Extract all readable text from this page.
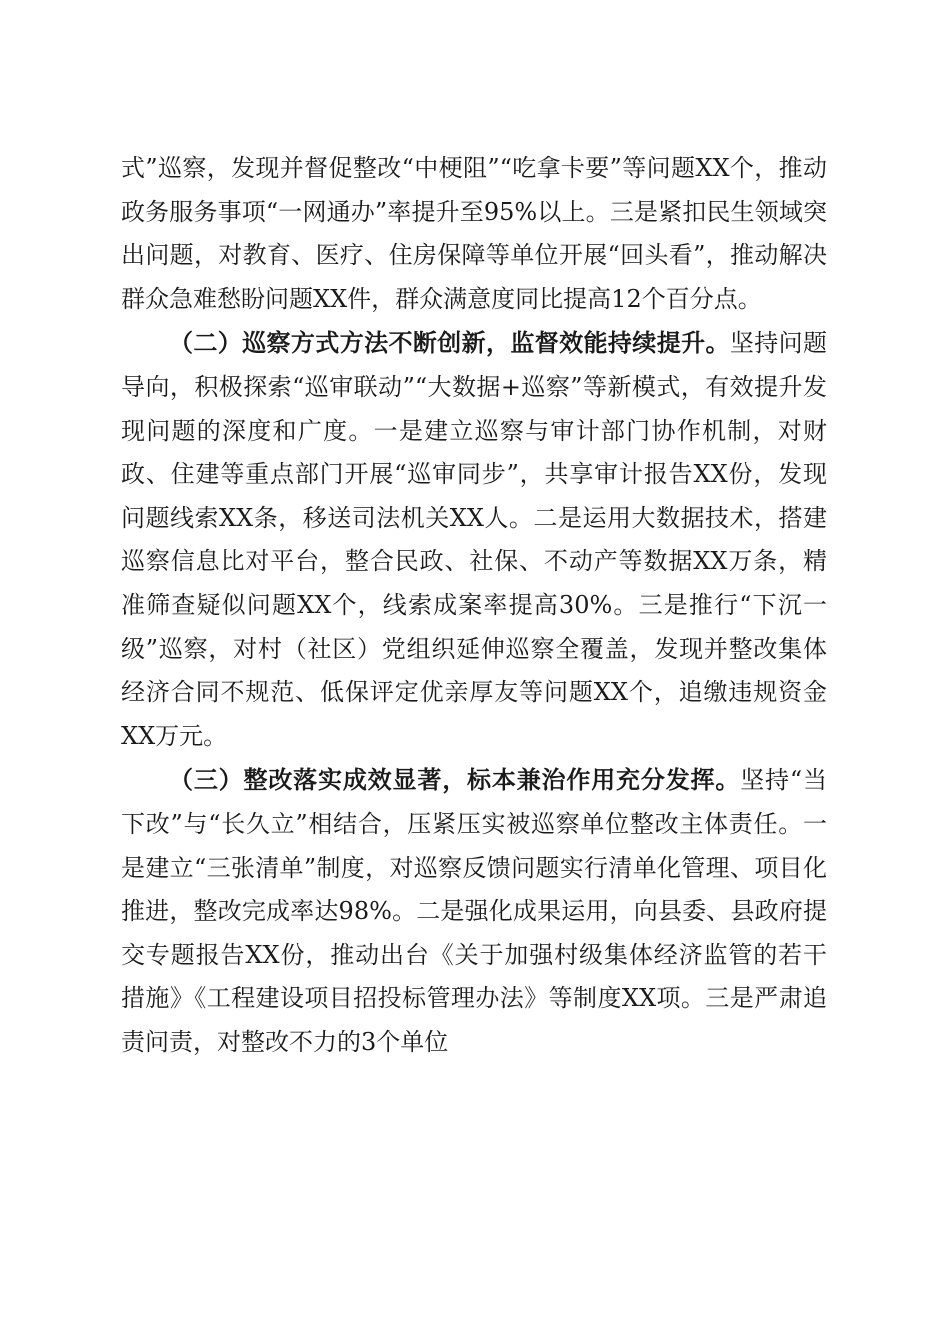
式”巡察，发现并督促整改“中梗阻”“吃拿卡要”等问题XX个，推动政务服务事项“一网通办”率提升至95%以上。三是紧扣民生领域突出问题，对教育、医疗、住房保障等单位开展“回头看”，推动解决群众急难愁盼问题XX件，群众满意度同比提高12个百分点。

（二）巡察方式方法不断创新，监督效能持续提升。坚持问题导向，积极探索“巡审联动”“大数据+巡察”等新模式，有效提升发现问题的深度和广度。一是建立巡察与审计部门协作机制，对财政、住建等重点部门开展“巡审同步”，共享审计报告XX份，发现问题线索XX条，移送司法机关XX人。二是运用大数据技术，搭建巡察信息比对平台，整合民政、社保、不动产等数据XX万条，精准筛查疑似问题XX个，线索成案率提高30%。三是推行“下沉一级”巡察，对村（社区）党组织延伸巡察全覆盖，发现并整改集体经济合同不规范、低保评定优亲厚友等问题XX个，追缴违规资金XX万元。

（三）整改落实成效显著，标本兼治作用充分发挥。坚持“当下改”与“长久立”相结合，压紧压实被巡察单位整改主体责任。一是建立“三张清单”制度，对巡察反馈问题实行清单化管理、项目化推进，整改完成率达98%。二是强化成果运用，向县委、县政府提交专题报告XX份，推动出台《关于加强村级集体经济监管的若干措施》《工程建设项目招投标管理办法》等制度XX项。三是严肃追责问责，对整改不力的3个单位
